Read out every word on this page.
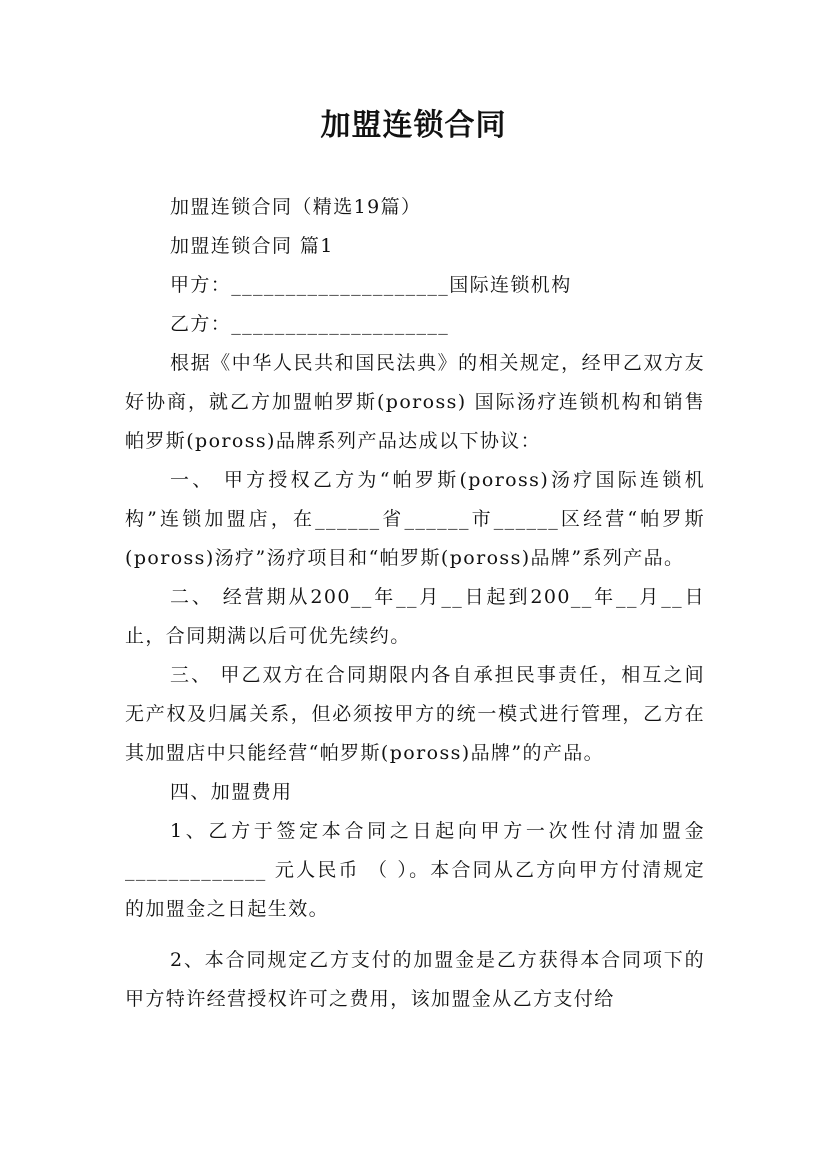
加盟连锁合同

加盟连锁合同（精选19篇）

加盟连锁合同 篇1

甲方：____________________国际连锁机构

乙方：____________________

根据《中华人民共和国民法典》的相关规定，经甲乙双方友好协商，就乙方加盟帕罗斯(poross) 国际汤疗连锁机构和销售帕罗斯(poross)品牌系列产品达成以下协议：

一、 甲方授权乙方为“帕罗斯(poross)汤疗国际连锁机构”连锁加盟店，在______省______市______区经营“帕罗斯(poross)汤疗”汤疗项目和“帕罗斯(poross)品牌”系列产品。

二、 经营期从200__年__月__日起到200__年__月__日止，合同期满以后可优先续约。

三、 甲乙双方在合同期限内各自承担民事责任，相互之间无产权及归属关系，但必须按甲方的统一模式进行管理，乙方在其加盟店中只能经营“帕罗斯(poross)品牌”的产品。

四、加盟费用

1、乙方于签定本合同之日起向甲方一次性付清加盟金_____________ 元人民币 （ ）。本合同从乙方向甲方付清规定的加盟金之日起生效。

2、本合同规定乙方支付的加盟金是乙方获得本合同项下的甲方特许经营授权许可之费用，该加盟金从乙方支付给
